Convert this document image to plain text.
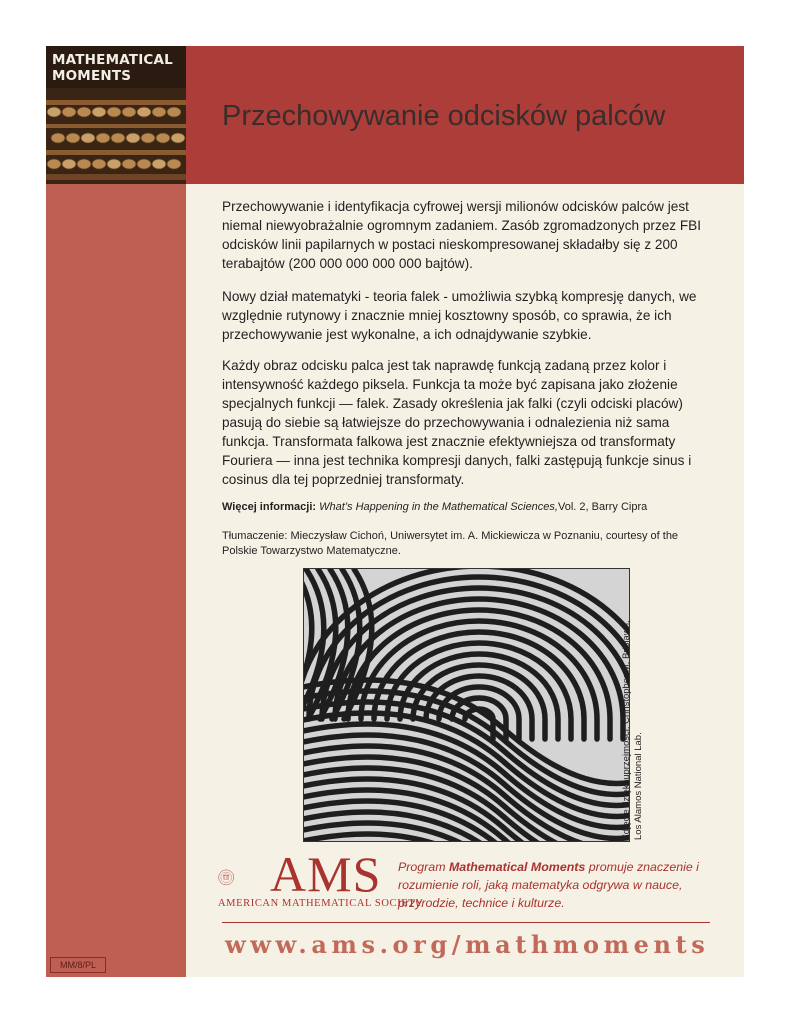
MATHEMATICAL
MOMENTS
Przechowywanie odcisków palców

Przechowywanie i identyfikacja cyfrowej wersji milionów odcisków palców jest niemal niewyobrażalnie ogromnym zadaniem. Zasób zgromadzonych przez FBI odcisków linii papilarnych w postaci nieskompresowanej składałby się z 200 terabajtów (200 000 000 000 000 bajtów).

Nowy dział matematyki - teoria falek - umożliwia szybką kompresję danych, we względnie rutynowy i znacznie mniej kosztowny sposób, co sprawia, że ich przechowywanie jest wykonalne, a ich odnajdywanie szybkie.

Każdy obraz odcisku palca jest tak naprawdę funkcją zadaną przez kolor i intensywność każdego piksela. Funkcja ta może być zapisana jako złożenie specjalnych funkcji — falek. Zasady określenia jak falki (czyli odciski placów) pasują do siebie są łatwiejsze do przechowywania i odnalezienia niż sama funkcja. Transformata falkowa jest znacznie efektywniejsza od transformaty Fouriera — inna jest technika kompresji danych, falki zastępują funkcje sinus i cosinus dla tej poprzedniej transformaty.

Więcej informacji: What’s Happening in the Mathematical Sciences,Vol. 2, Barry Cipra

Tłumaczenie: Mieczysław Cichoń, Uniwersytet im. A. Mickiewicza w Poznaniu, courtesy of the Polskie Towarzystwo Matematyczne.

Zdjęcie dzięki uprzejmości: Christopher M. Brislawn, Los Alamos National Lab.
AMS
AMERICAN MATHEMATICAL SOCIETY

Program Mathematical Moments promuje znaczenie i rozumienie roli, jaką matematyka odgrywa w nauce, przyrodzie, technice i kulturze.

www.ams.org/mathmoments
MM/8/PL
